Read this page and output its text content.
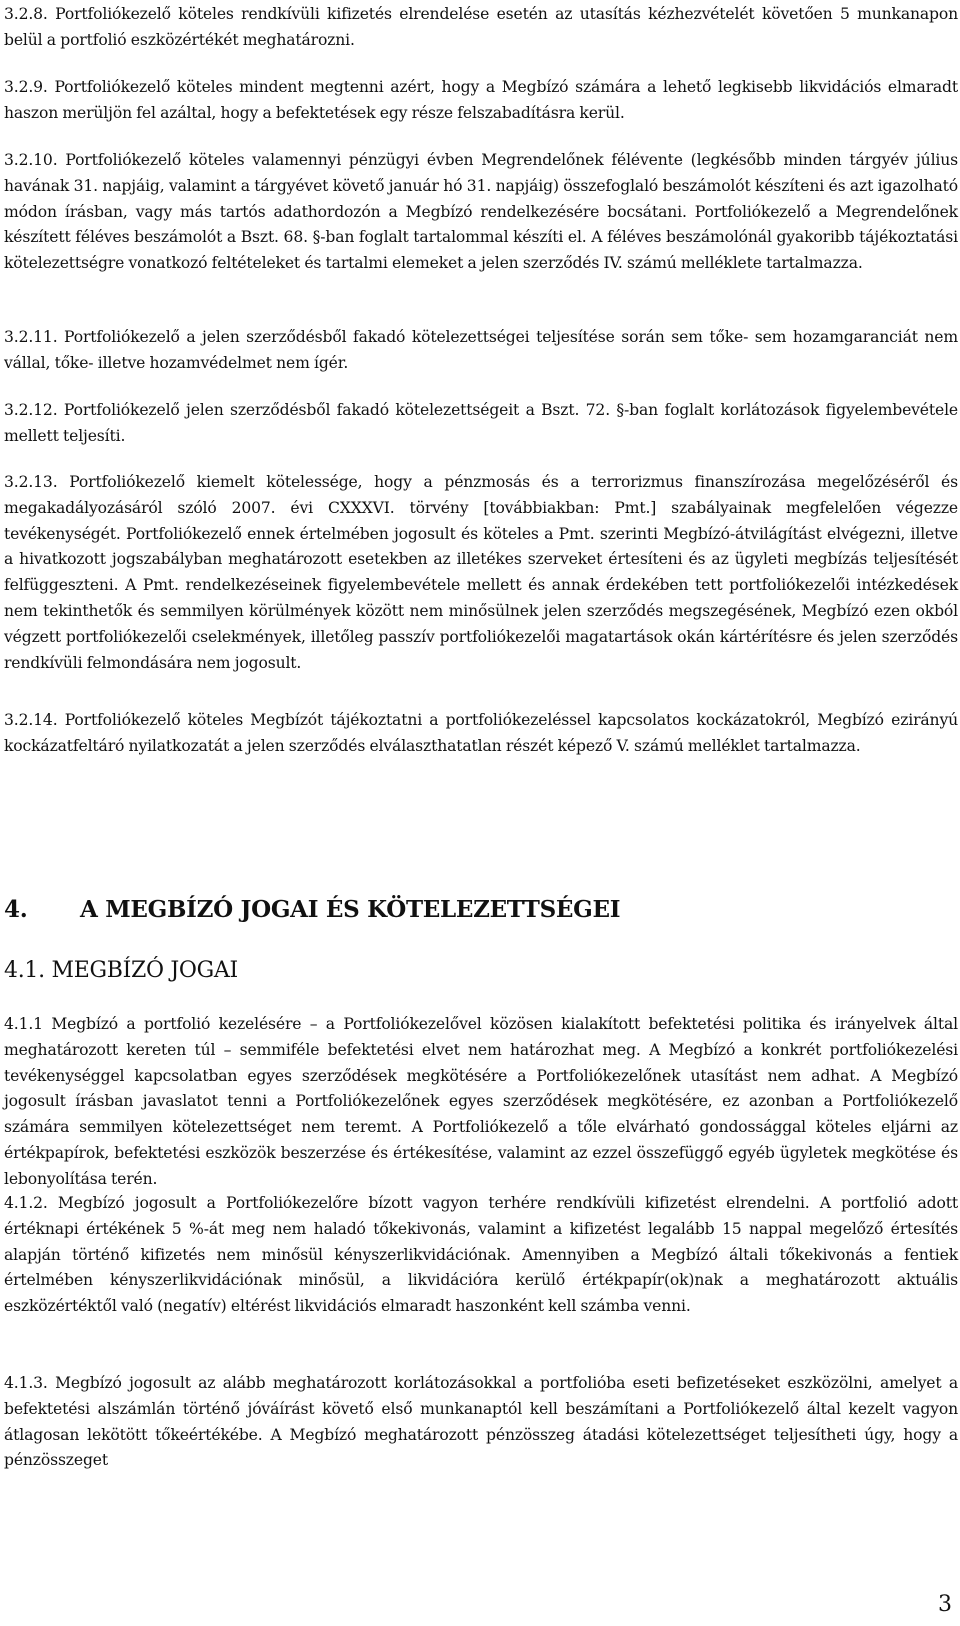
3.2.8. Portfoliókezelő köteles rendkívüli kifizetés elrendelése esetén az utasítás kézhezvételét követően 5 munkanapon belül a portfolió eszközértékét meghatározni.

3.2.9. Portfoliókezelő köteles mindent megtenni azért, hogy a Megbízó számára a lehető legkisebb likvidációs elmaradt haszon merüljön fel azáltal, hogy a befektetések egy része felszabadításra kerül.

3.2.10. Portfoliókezelő köteles valamennyi pénzügyi évben Megrendelőnek félévente (legkésőbb minden tárgyév július havának 31. napjáig, valamint a tárgyévet követő január hó 31. napjáig) összefoglaló beszámolót készíteni és azt igazolható módon írásban, vagy más tartós adathordozón a Megbízó rendelkezésére bocsátani. Portfoliókezelő a Megrendelőnek készített féléves beszámolót a Bszt. 68. §-ban foglalt tartalommal készíti el. A féléves beszámolónál gyakoribb tájékoztatási kötelezettségre vonatkozó feltételeket és tartalmi elemeket a jelen szerződés IV. számú melléklete tartalmazza.

3.2.11. Portfoliókezelő a jelen szerződésből fakadó kötelezettségei teljesítése során sem tőke- sem hozamgaranciát nem vállal, tőke- illetve hozamvédelmet nem ígér.

3.2.12. Portfoliókezelő jelen szerződésből fakadó kötelezettségeit a Bszt. 72. §-ban foglalt korlátozások figyelembevétele mellett teljesíti.

3.2.13. Portfoliókezelő kiemelt kötelessége, hogy a pénzmosás és a terrorizmus finanszírozása megelőzéséről és megakadályozásáról szóló 2007. évi CXXXVI. törvény [továbbiakban: Pmt.] szabályainak megfelelően végezze tevékenységét. Portfoliókezelő ennek értelmében jogosult és köteles a Pmt. szerinti Megbízó-átvilágítást elvégezni, illetve a hivatkozott jogszabályban meghatározott esetekben az illetékes szerveket értesíteni és az ügyleti megbízás teljesítését felfüggeszteni. A Pmt. rendelkezéseinek figyelembevétele mellett és annak érdekében tett portfoliókezelői intézkedések nem tekinthetők és semmilyen körülmények között nem minősülnek jelen szerződés megszegésének, Megbízó ezen okból végzett portfoliókezelői cselekmények, illetőleg passzív portfoliókezelői magatartások okán kártérítésre és jelen szerződés rendkívüli felmondására nem jogosult.

3.2.14. Portfoliókezelő köteles Megbízót tájékoztatni a portfoliókezeléssel kapcsolatos kockázatokról, Megbízó ezirányú kockázatfeltáró nyilatkozatát a jelen szerződés elválaszthatatlan részét képező V. számú melléklet tartalmazza.

4. A MEGBÍZÓ JOGAI ÉS KÖTELEZETTSÉGEI
4.1. MEGBÍZÓ JOGAI

4.1.1 Megbízó a portfolió kezelésére – a Portfoliókezelővel közösen kialakított befektetési politika és irányelvek által meghatározott kereten túl – semmiféle befektetési elvet nem határozhat meg. A Megbízó a konkrét portfoliókezelési tevékenységgel kapcsolatban egyes szerződések megkötésére a Portfoliókezelőnek utasítást nem adhat. A Megbízó jogosult írásban javaslatot tenni a Portfoliókezelőnek egyes szerződések megkötésére, ez azonban a Portfoliókezelő számára semmilyen kötelezettséget nem teremt. A Portfoliókezelő a tőle elvárható gondossággal köteles eljárni az értékpapírok, befektetési eszközök beszerzése és értékesítése, valamint az ezzel összefüggő egyéb ügyletek megkötése és lebonyolítása terén.

4.1.2. Megbízó jogosult a Portfoliókezelőre bízott vagyon terhére rendkívüli kifizetést elrendelni. A portfolió adott értéknapi értékének 5 %-át meg nem haladó tőkekivonás, valamint a kifizetést legalább 15 nappal megelőző értesítés alapján történő kifizetés nem minősül kényszerlikvidációnak. Amennyiben a Megbízó általi tőkekivonás a fentiek értelmében kényszerlikvidációnak minősül, a likvidációra kerülő értékpapír(ok)nak a meghatározott aktuális eszközértéktől való (negatív) eltérést likvidációs elmaradt haszonként kell számba venni.

4.1.3. Megbízó jogosult az alább meghatározott korlátozásokkal a portfolióba eseti befizetéseket eszközölni, amelyet a befektetési alszámlán történő jóváírást követő első munkanaptól kell beszámítani a Portfoliókezelő által kezelt vagyon átlagosan lekötött tőkeértékébe. A Megbízó meghatározott pénzösszeg átadási kötelezettséget teljesítheti úgy, hogy a pénzösszeget

3
